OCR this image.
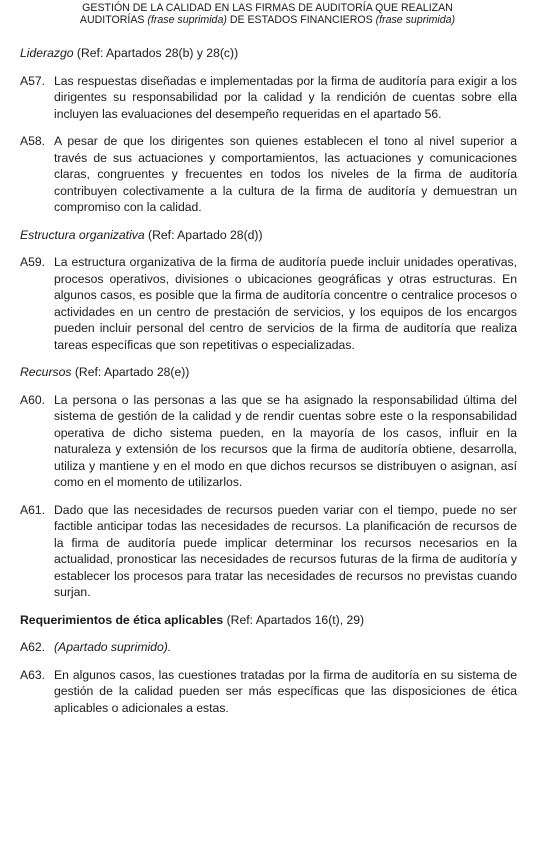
GESTIÓN DE LA CALIDAD EN LAS FIRMAS DE AUDITORÍA QUE REALIZAN
AUDITORÍAS (frase suprimida) DE ESTADOS FINANCIEROS (frase suprimida)
Liderazgo (Ref: Apartados 28(b) y 28(c))
A57. Las respuestas diseñadas e implementadas por la firma de auditoría para exigir a los dirigentes su responsabilidad por la calidad y la rendición de cuentas sobre ella incluyen las evaluaciones del desempeño requeridas en el apartado 56.
A58. A pesar de que los dirigentes son quienes establecen el tono al nivel superior a través de sus actuaciones y comportamientos, las actuaciones y comunicaciones claras, congruentes y frecuentes en todos los niveles de la firma de auditoría contribuyen colectivamente a la cultura de la firma de auditoría y demuestran un compromiso con la calidad.
Estructura organizativa (Ref: Apartado 28(d))
A59. La estructura organizativa de la firma de auditoría puede incluir unidades operativas, procesos operativos, divisiones o ubicaciones geográficas y otras estructuras. En algunos casos, es posible que la firma de auditoría concentre o centralice procesos o actividades en un centro de prestación de servicios, y los equipos de los encargos pueden incluir personal del centro de servicios de la firma de auditoría que realiza tareas específicas que son repetitivas o especializadas.
Recursos (Ref: Apartado 28(e))
A60. La persona o las personas a las que se ha asignado la responsabilidad última del sistema de gestión de la calidad y de rendir cuentas sobre este o la responsabilidad operativa de dicho sistema pueden, en la mayoría de los casos, influir en la naturaleza y extensión de los recursos que la firma de auditoría obtiene, desarrolla, utiliza y mantiene y en el modo en que dichos recursos se distribuyen o asignan, así como en el momento de utilizarlos.
A61. Dado que las necesidades de recursos pueden variar con el tiempo, puede no ser factible anticipar todas las necesidades de recursos. La planificación de recursos de la firma de auditoría puede implicar determinar los recursos necesarios en la actualidad, pronosticar las necesidades de recursos futuras de la firma de auditoría y establecer los procesos para tratar las necesidades de recursos no previstas cuando surjan.
Requerimientos de ética aplicables (Ref: Apartados 16(t), 29)
A62. (Apartado suprimido).
A63. En algunos casos, las cuestiones tratadas por la firma de auditoría en su sistema de gestión de la calidad pueden ser más específicas que las disposiciones de ética aplicables o adicionales a estas.
